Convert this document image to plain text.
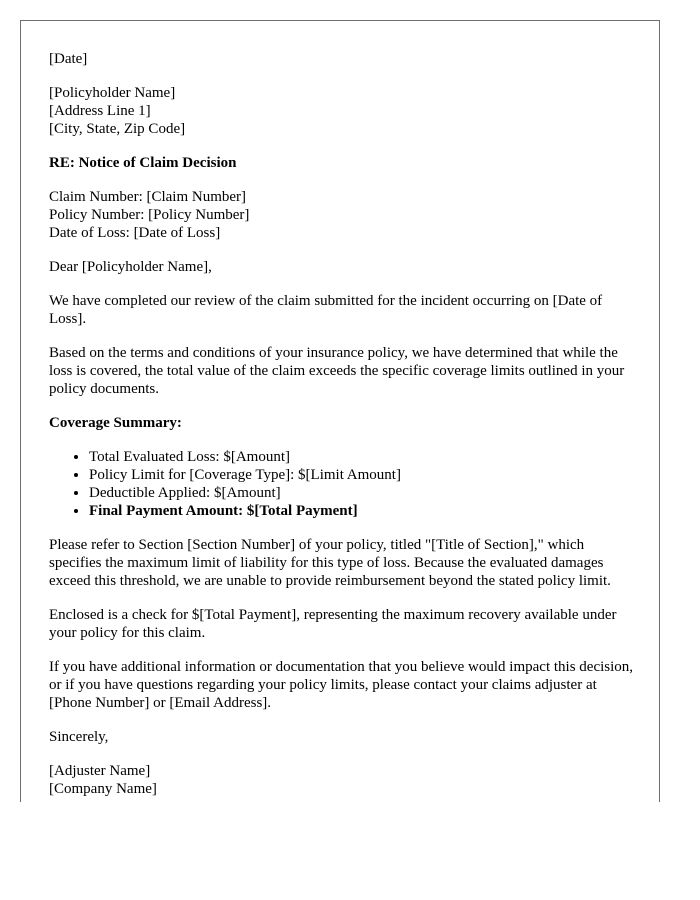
[Date]

[Policyholder Name]
[Address Line 1]
[City, State, Zip Code]

RE: Notice of Claim Decision

Claim Number: [Claim Number]
Policy Number: [Policy Number]
Date of Loss: [Date of Loss]

Dear [Policyholder Name],

We have completed our review of the claim submitted for the incident occurring on [Date of Loss].

Based on the terms and conditions of your insurance policy, we have determined that while the loss is covered, the total value of the claim exceeds the specific coverage limits outlined in your policy documents.

Coverage Summary:

• Total Evaluated Loss: $[Amount]
• Policy Limit for [Coverage Type]: $[Limit Amount]
• Deductible Applied: $[Amount]
• Final Payment Amount: $[Total Payment]

Please refer to Section [Section Number] of your policy, titled "[Title of Section]," which specifies the maximum limit of liability for this type of loss. Because the evaluated damages exceed this threshold, we are unable to provide reimbursement beyond the stated policy limit.

Enclosed is a check for $[Total Payment], representing the maximum recovery available under your policy for this claim.

If you have additional information or documentation that you believe would impact this decision, or if you have questions regarding your policy limits, please contact your claims adjuster at [Phone Number] or [Email Address].

Sincerely,

[Adjuster Name]
[Company Name]
